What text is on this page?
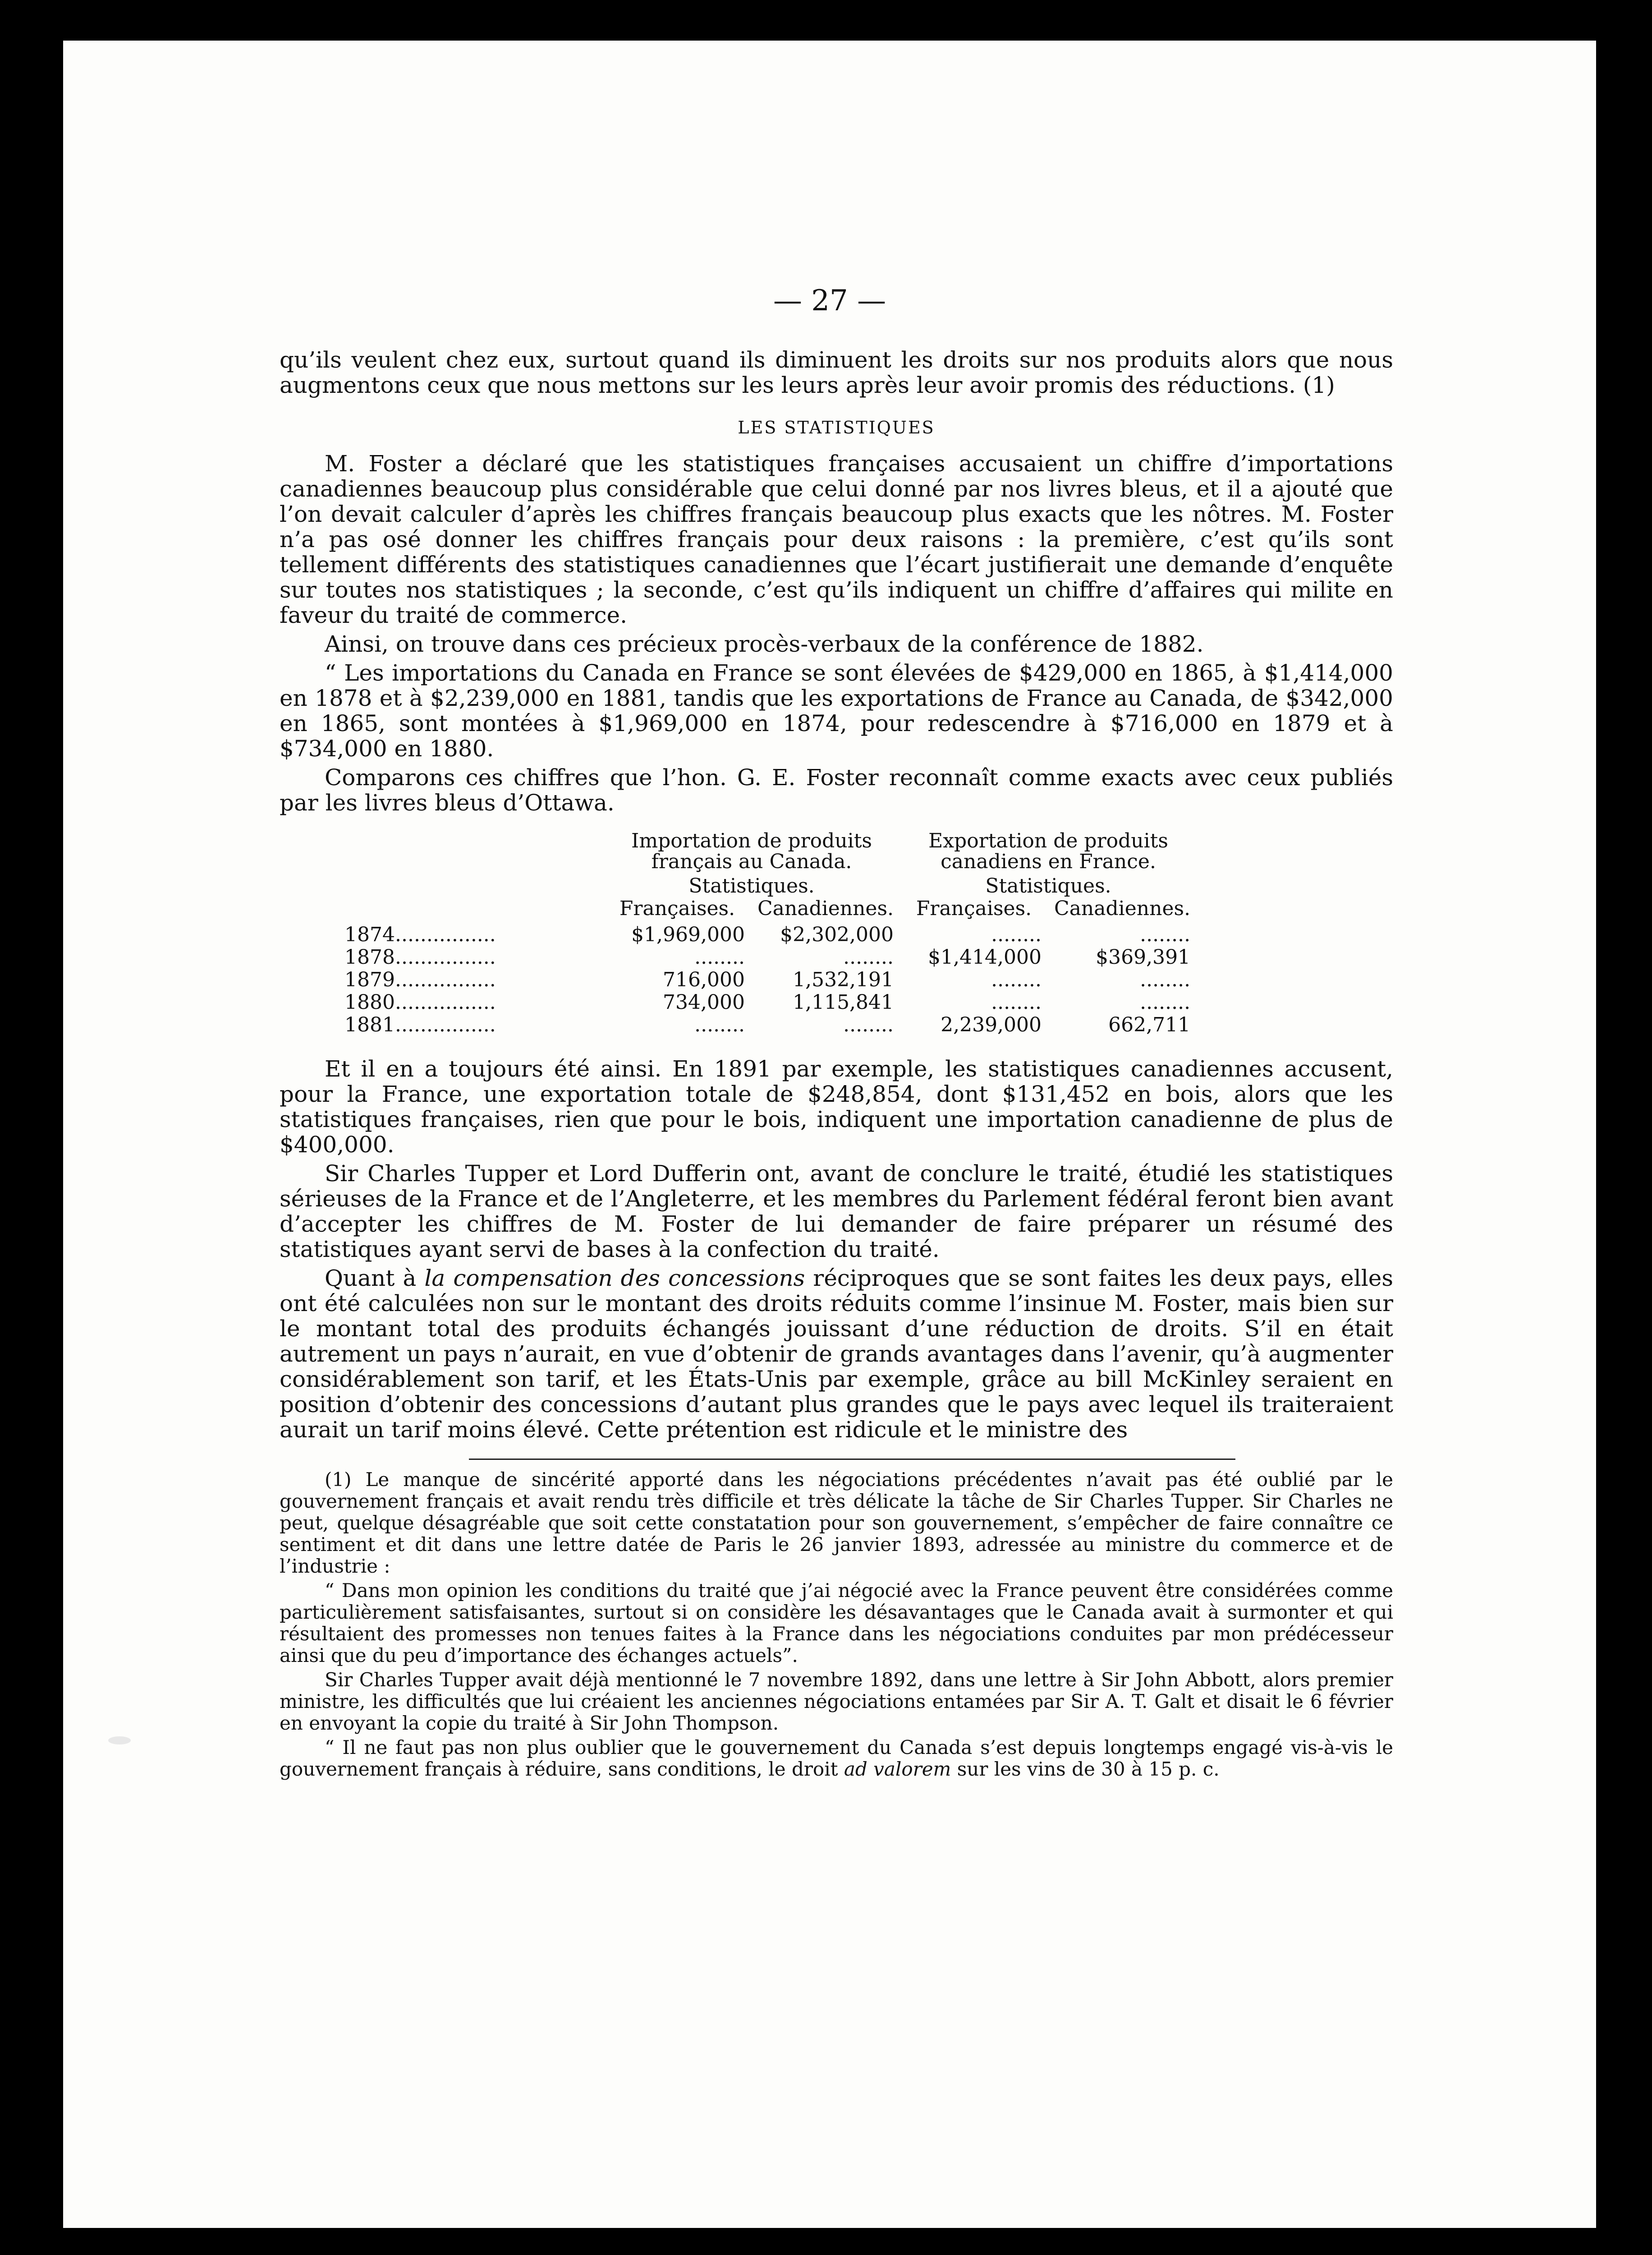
— 27 —

qu’ils veulent chez eux, surtout quand ils diminuent les droits sur nos produits alors que nous augmentons ceux que nous mettons sur les leurs après leur avoir promis des réductions. (1)

LES STATISTIQUES

M. Foster a déclaré que les statistiques françaises accusaient un chiffre d’importations canadiennes beaucoup plus considérable que celui donné par nos livres bleus, et il a ajouté que l’on devait calculer d’après les chiffres français beaucoup plus exacts que les nôtres. M. Foster n’a pas osé donner les chiffres français pour deux raisons : la première, c’est qu’ils sont tellement différents des statistiques canadiennes que l’écart justifierait une demande d’enquête sur toutes nos statistiques ; la seconde, c’est qu’ils indiquent un chiffre d’affaires qui milite en faveur du traité de commerce.

Ainsi, on trouve dans ces précieux procès-verbaux de la conférence de 1882.

“ Les importations du Canada en France se sont élevées de $429,000 en 1865, à $1,414,000 en 1878 et à $2,239,000 en 1881, tandis que les exportations de France au Canada, de $342,000 en 1865, sont montées à $1,969,000 en 1874, pour redescendre à $716,000 en 1879 et à $734,000 en 1880.

Comparons ces chiffres que l’hon. G. E. Foster reconnaît comme exacts avec ceux publiés par les livres bleus d’Ottawa.

	Importation de produits français au Canada.		Exportation de produits canadiens en France.	
	Statistiques.		Statistiques.	
	Françaises.	Canadiennes.	Françaises.	Canadiennes.
1874................	$1,969,000	$2,302,000	........	........
1878................	........	........	$1,414,000	$369,391
1879................	716,000	1,532,191	........	........
1880................	734,000	1,115,841	........	........
1881................	........	........	2,239,000	662,711

Et il en a toujours été ainsi. En 1891 par exemple, les statistiques canadiennes accusent, pour la France, une exportation totale de $248,854, dont $131,452 en bois, alors que les statistiques françaises, rien que pour le bois, indiquent une importation canadienne de plus de $400,000.

Sir Charles Tupper et Lord Dufferin ont, avant de conclure le traité, étudié les statistiques sérieuses de la France et de l’Angleterre, et les membres du Parlement fédéral feront bien avant d’accepter les chiffres de M. Foster de lui demander de faire préparer un résumé des statistiques ayant servi de bases à la confection du traité.

Quant à la compensation des concessions réciproques que se sont faites les deux pays, elles ont été calculées non sur le montant des droits réduits comme l’insinue M. Foster, mais bien sur le montant total des produits échangés jouissant d’une réduction de droits. S’il en était autrement un pays n’aurait, en vue d’obtenir de grands avantages dans l’avenir, qu’à augmenter considérablement son tarif, et les États-Unis par exemple, grâce au bill McKinley seraient en position d’obtenir des concessions d’autant plus grandes que le pays avec lequel ils traiteraient aurait un tarif moins élevé. Cette prétention est ridicule et le ministre des

(1) Le manque de sincérité apporté dans les négociations précédentes n’avait pas été oublié par le gouvernement français et avait rendu très difficile et très délicate la tâche de Sir Charles Tupper. Sir Charles ne peut, quelque désagréable que soit cette constatation pour son gouvernement, s’empêcher de faire connaître ce sentiment et dit dans une lettre datée de Paris le 26 janvier 1893, adressée au ministre du commerce et de l’industrie :

“ Dans mon opinion les conditions du traité que j’ai négocié avec la France peuvent être considérées comme particulièrement satisfaisantes, surtout si on considère les désavantages que le Canada avait à surmonter et qui résultaient des promesses non tenues faites à la France dans les négociations conduites par mon prédécesseur ainsi que du peu d’importance des échanges actuels”.

Sir Charles Tupper avait déjà mentionné le 7 novembre 1892, dans une lettre à Sir John Abbott, alors premier ministre, les difficultés que lui créaient les anciennes négociations entamées par Sir A. T. Galt et disait le 6 février en envoyant la copie du traité à Sir John Thompson.

“ Il ne faut pas non plus oublier que le gouvernement du Canada s’est depuis longtemps engagé vis-à-vis le gouvernement français à réduire, sans conditions, le droit ad valorem sur les vins de 30 à 15 p. c.
